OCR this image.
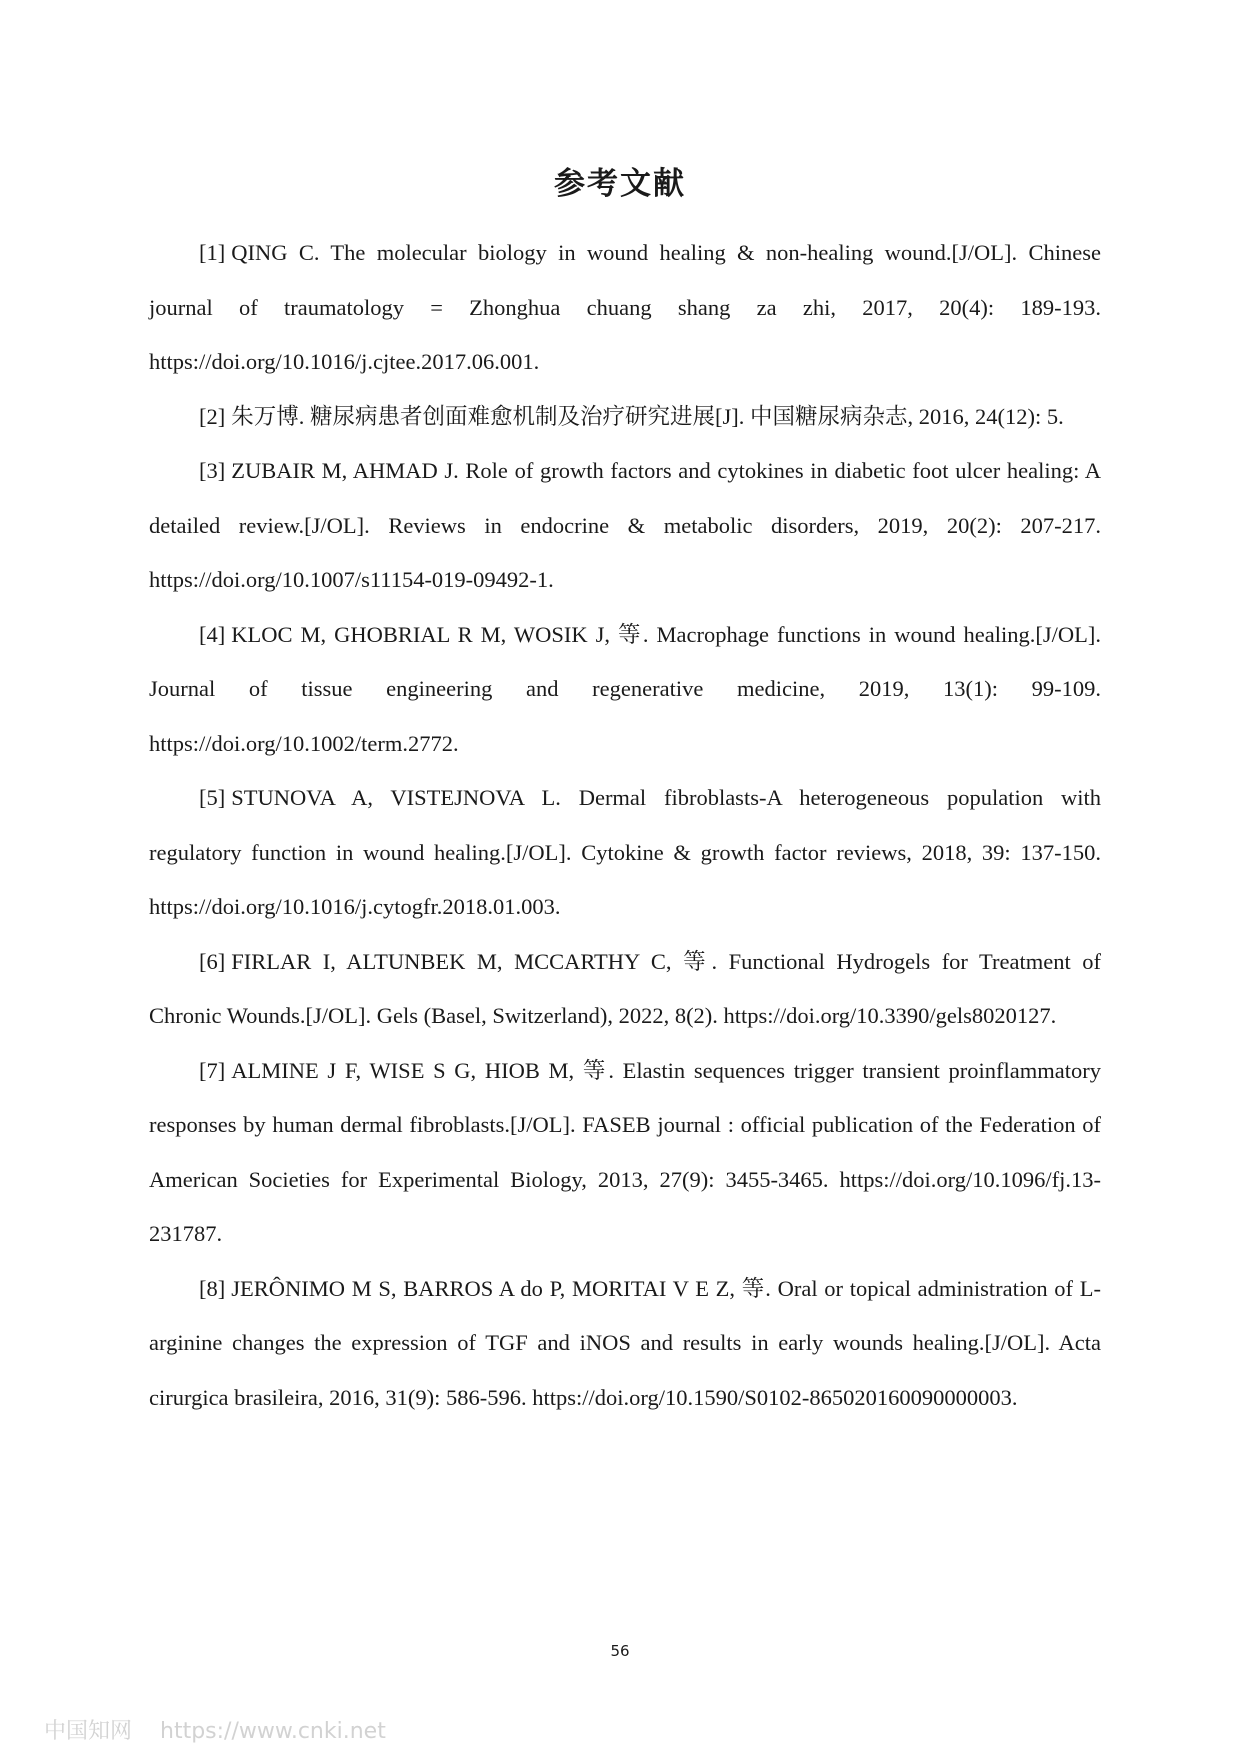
参考文献

[1] QING C. The molecular biology in wound healing & non-healing wound.[J/OL]. Chinese journal of traumatology = Zhonghua chuang shang za zhi, 2017, 20(4): 189-193. https://doi.org/10.1016/j.cjtee.2017.06.001.

[2] 朱万博. 糖尿病患者创面难愈机制及治疗研究进展[J]. 中国糖尿病杂志, 2016, 24(12): 5.

[3] ZUBAIR M, AHMAD J. Role of growth factors and cytokines in diabetic foot ulcer healing: A detailed review.[J/OL]. Reviews in endocrine & metabolic disorders, 2019, 20(2): 207-217. https://doi.org/10.1007/s11154-019-09492-1.

[4] KLOC M, GHOBRIAL R M, WOSIK J, 等. Macrophage functions in wound healing.[J/OL]. Journal of tissue engineering and regenerative medicine, 2019, 13(1): 99-109. https://doi.org/10.1002/term.2772.

[5] STUNOVA A, VISTEJNOVA L. Dermal fibroblasts-A heterogeneous population with regulatory function in wound healing.[J/OL]. Cytokine & growth factor reviews, 2018, 39: 137-150. https://doi.org/10.1016/j.cytogfr.2018.01.003.

[6] FIRLAR I, ALTUNBEK M, MCCARTHY C, 等. Functional Hydrogels for Treatment of Chronic Wounds.[J/OL]. Gels (Basel, Switzerland), 2022, 8(2). https://doi.org/10.3390/gels8020127.

[7] ALMINE J F, WISE S G, HIOB M, 等. Elastin sequences trigger transient proinflammatory responses by human dermal fibroblasts.[J/OL]. FASEB journal : official publication of the Federation of American Societies for Experimental Biology, 2013, 27(9): 3455-3465. https://doi.org/10.1096/fj.13-231787.

[8] JERÔNIMO M S, BARROS A do P, MORITAI V E Z, 等. Oral or topical administration of L-arginine changes the expression of TGF and iNOS and results in early wounds healing.[J/OL]. Acta cirurgica brasileira, 2016, 31(9): 586-596. https://doi.org/10.1590/S0102-865020160090000003.

56
中国知网 https://www.cnki.net
